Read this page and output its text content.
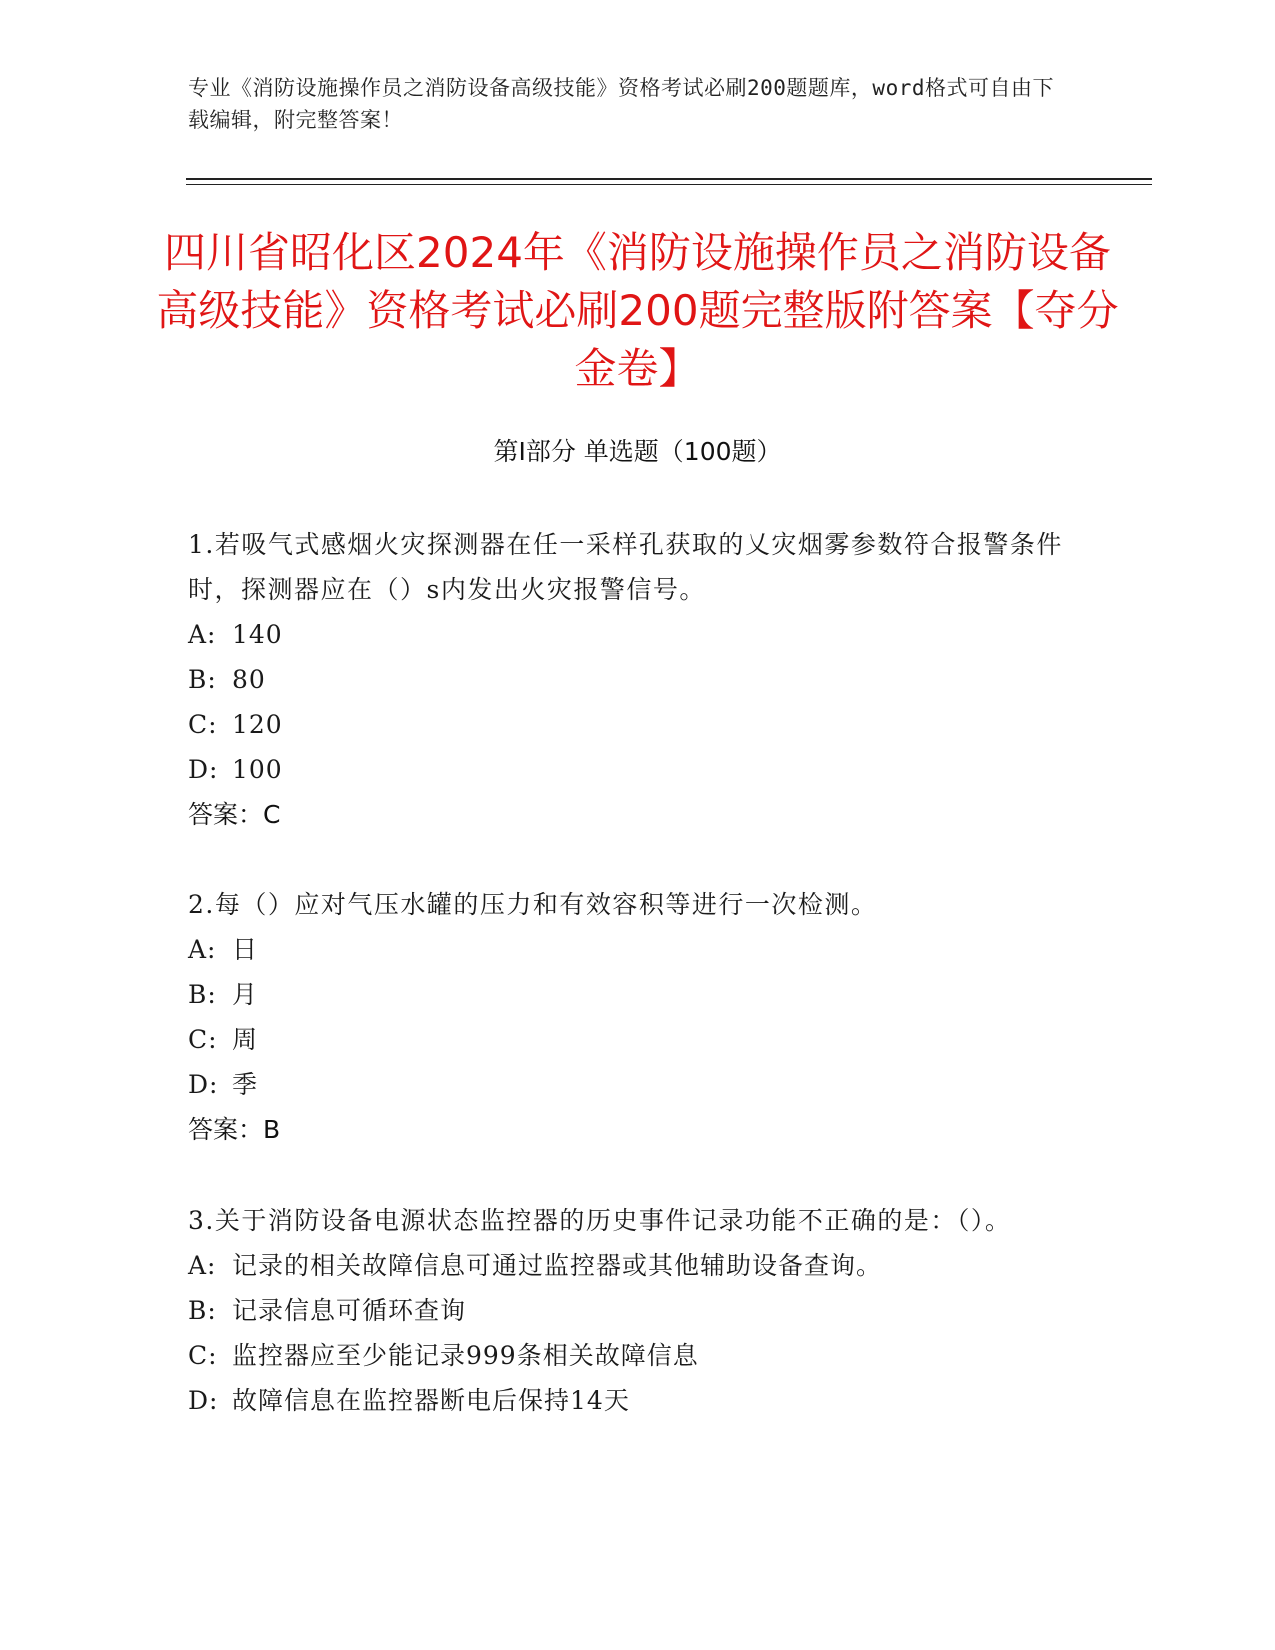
专业《消防设施操作员之消防设备高级技能》资格考试必刷200题题库，word格式可自由下载编辑，附完整答案！
四川省昭化区2024年《消防设施操作员之消防设备高级技能》资格考试必刷200题完整版附答案【夺分金卷】
第I部分 单选题（100题）

1.若吸气式感烟火灾探测器在任一采样孔获取的乂灾烟雾参数符合报警条件时，探测器应在（）s内发出火灾报警信号。

A: 140

B: 80

C: 120

D: 100

答案：C

2.每（）应对气压水罐的压力和有效容积等进行一次检测。

A: 日

B: 月

C: 周

D: 季

答案：B

3.关于消防设备电源状态监控器的历史事件记录功能不正确的是：（）。

A: 记录的相关故障信息可通过监控器或其他辅助设备查询。

B: 记录信息可循环查询

C: 监控器应至少能记录999条相关故障信息

D: 故障信息在监控器断电后保持14天
